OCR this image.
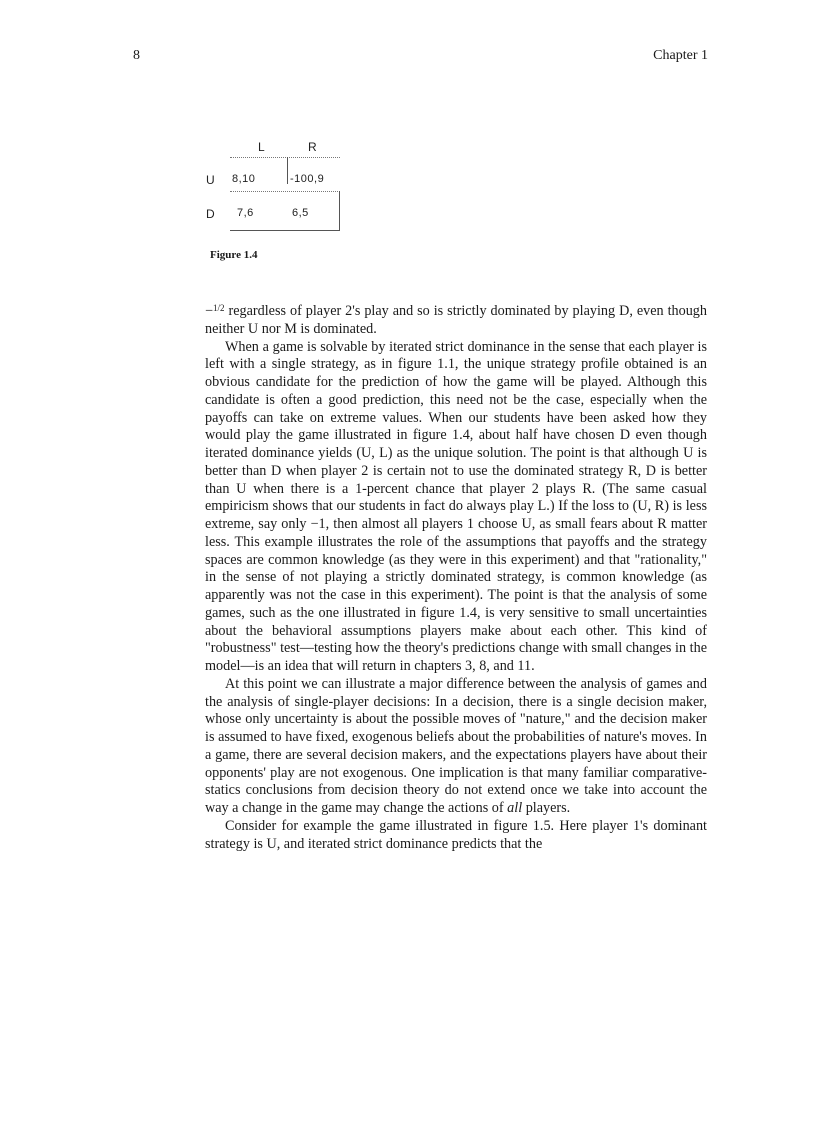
8	Chapter 1
L	R
U 8,10	-100,9
D 7,6	6,5
Figure 1.4

−$^{1/2}$ regardless of player 2's play and so is strictly dominated by playing D, even though neither U nor M is dominated.

When a game is solvable by iterated strict dominance in the sense that each player is left with a single strategy, as in figure 1.1, the unique strategy profile obtained is an obvious candidate for the prediction of how the game will be played. Although this candidate is often a good prediction, this need not be the case, especially when the payoffs can take on extreme values. When our students have been asked how they would play the game illustrated in figure 1.4, about half have chosen D even though iterated dominance yields (U, L) as the unique solution. The point is that although U is better than D when player 2 is certain not to use the dominated strategy R, D is better than U when there is a 1-percent chance that player 2 plays R. (The same casual empiricism shows that our students in fact do always play L.) If the loss to (U, R) is less extreme, say only −1, then almost all players 1 choose U, as small fears about R matter less. This example illustrates the role of the assumptions that payoffs and the strategy spaces are common knowledge (as they were in this experiment) and that "rationality," in the sense of not playing a strictly dominated strategy, is common knowledge (as apparently was not the case in this experiment). The point is that the analysis of some games, such as the one illustrated in figure 1.4, is very sensitive to small uncertainties about the behavioral assumptions players make about each other. This kind of "robustness" test—testing how the theory's predictions change with small changes in the model—is an idea that will return in chapters 3, 8, and 11.

At this point we can illustrate a major difference between the analysis of games and the analysis of single-player decisions: In a decision, there is a single decision maker, whose only uncertainty is about the possible moves of "nature," and the decision maker is assumed to have fixed, exogenous beliefs about the probabilities of nature's moves. In a game, there are several decision makers, and the expectations players have about their opponents' play are not exogenous. One implication is that many familiar comparative-statics conclusions from decision theory do not extend once we take into account the way a change in the game may change the actions of all players.

Consider for example the game illustrated in figure 1.5. Here player 1's dominant strategy is U, and iterated strict dominance predicts that the
